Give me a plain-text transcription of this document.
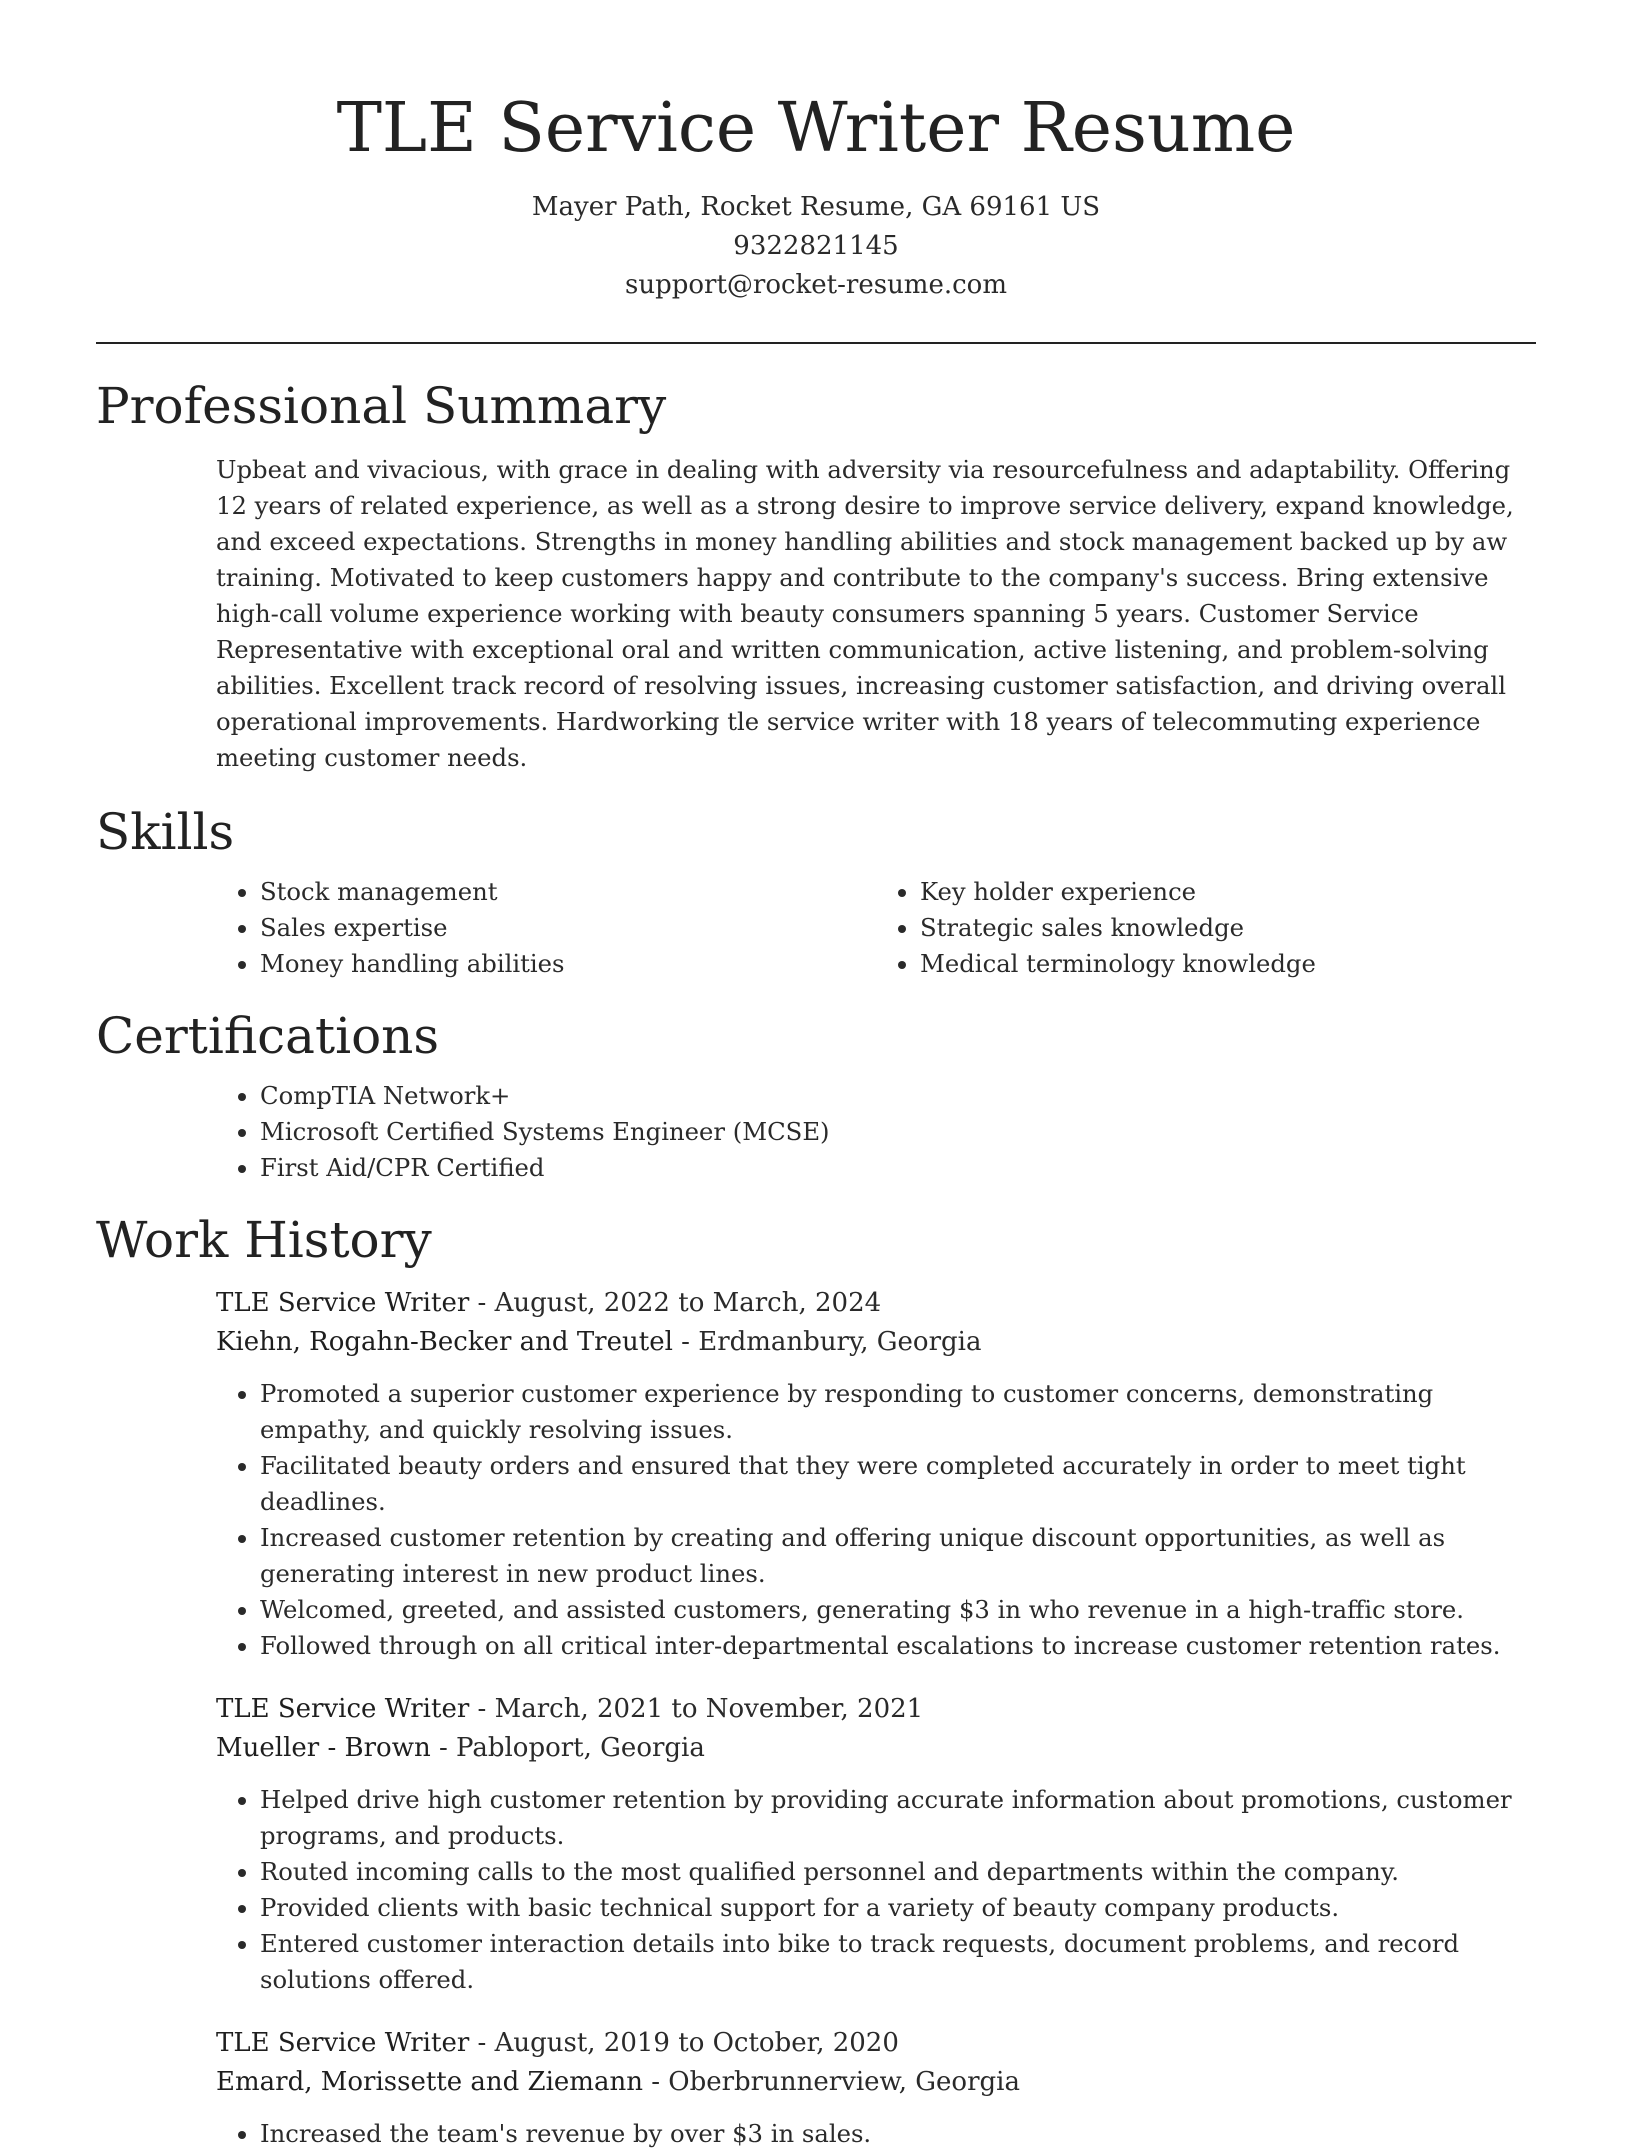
TLE Service Writer Resume
Mayer Path, Rocket Resume, GA 69161 US
9322821145
support@rocket-resume.com
Professional Summary

Upbeat and vivacious, with grace in dealing with adversity via resourcefulness and adaptability. Offering 12 years of related experience, as well as a strong desire to improve service delivery, expand knowledge, and exceed expectations. Strengths in money handling abilities and stock management backed up by aw training. Motivated to keep customers happy and contribute to the company's success. Bring extensive high-call volume experience working with beauty consumers spanning 5 years. Customer Service Representative with exceptional oral and written communication, active listening, and problem-solving abilities. Excellent track record of resolving issues, increasing customer satisfaction, and driving overall operational improvements. Hardworking tle service writer with 18 years of telecommuting experience meeting customer needs.

Skills
• Stock management
• Sales expertise
• Money handling abilities
• Key holder experience
• Strategic sales knowledge
• Medical terminology knowledge
Certifications
• CompTIA Network+
• Microsoft Certified Systems Engineer (MCSE)
• First Aid/CPR Certified
Work History
TLE Service Writer - August, 2022 to March, 2024
Kiehn, Rogahn-Becker and Treutel - Erdmanbury, Georgia
• Promoted a superior customer experience by responding to customer concerns, demonstrating empathy, and quickly resolving issues.
• Facilitated beauty orders and ensured that they were completed accurately in order to meet tight deadlines.
• Increased customer retention by creating and offering unique discount opportunities, as well as generating interest in new product lines.
• Welcomed, greeted, and assisted customers, generating $3 in who revenue in a high-traffic store.
• Followed through on all critical inter-departmental escalations to increase customer retention rates.
TLE Service Writer - March, 2021 to November, 2021
Mueller - Brown - Pabloport, Georgia
• Helped drive high customer retention by providing accurate information about promotions, customer programs, and products.
• Routed incoming calls to the most qualified personnel and departments within the company.
• Provided clients with basic technical support for a variety of beauty company products.
• Entered customer interaction details into bike to track requests, document problems, and record solutions offered.
TLE Service Writer - August, 2019 to October, 2020
Emard, Morissette and Ziemann - Oberbrunnerview, Georgia
• Increased the team's revenue by over $3 in sales.
